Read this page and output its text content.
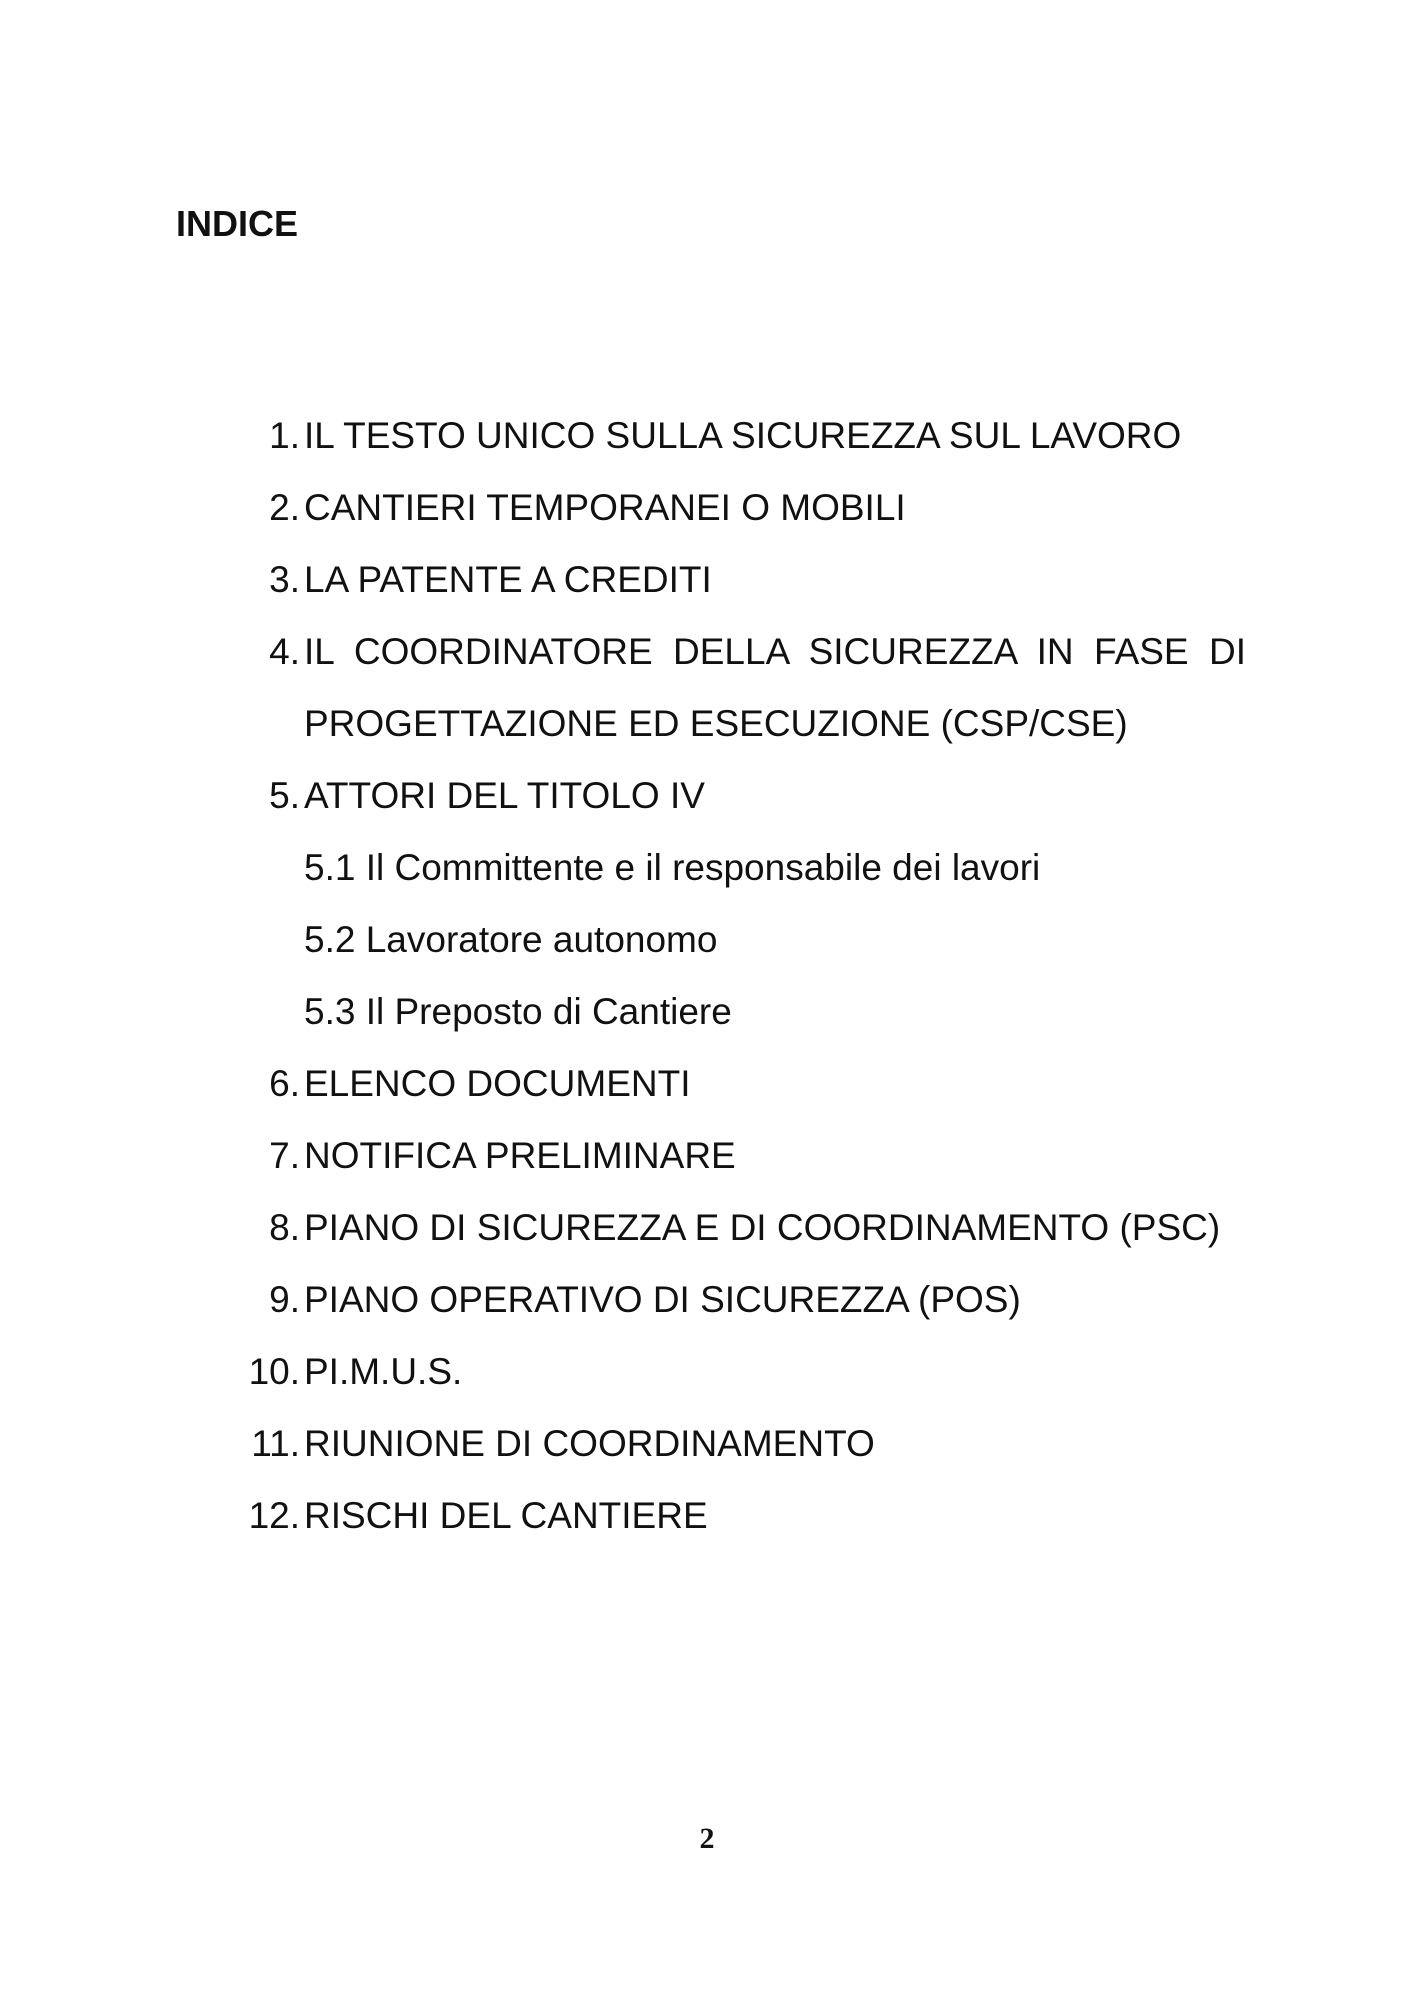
INDICE
1. IL TESTO UNICO SULLA SICUREZZA SUL LAVORO
2. CANTIERI TEMPORANEI O MOBILI
3. LA PATENTE A CREDITI
4. IL COORDINATORE DELLA SICUREZZA IN FASE DI PROGETTAZIONE ED ESECUZIONE (CSP/CSE)
5. ATTORI DEL TITOLO IV
5.1 Il Committente e il responsabile dei lavori
5.2 Lavoratore autonomo
5.3 Il Preposto di Cantiere
6. ELENCO DOCUMENTI
7. NOTIFICA PRELIMINARE
8. PIANO DI SICUREZZA E DI COORDINAMENTO (PSC)
9. PIANO OPERATIVO DI SICUREZZA (POS)
10. PI.M.U.S.
11. RIUNIONE DI COORDINAMENTO
12. RISCHI DEL CANTIERE
2
